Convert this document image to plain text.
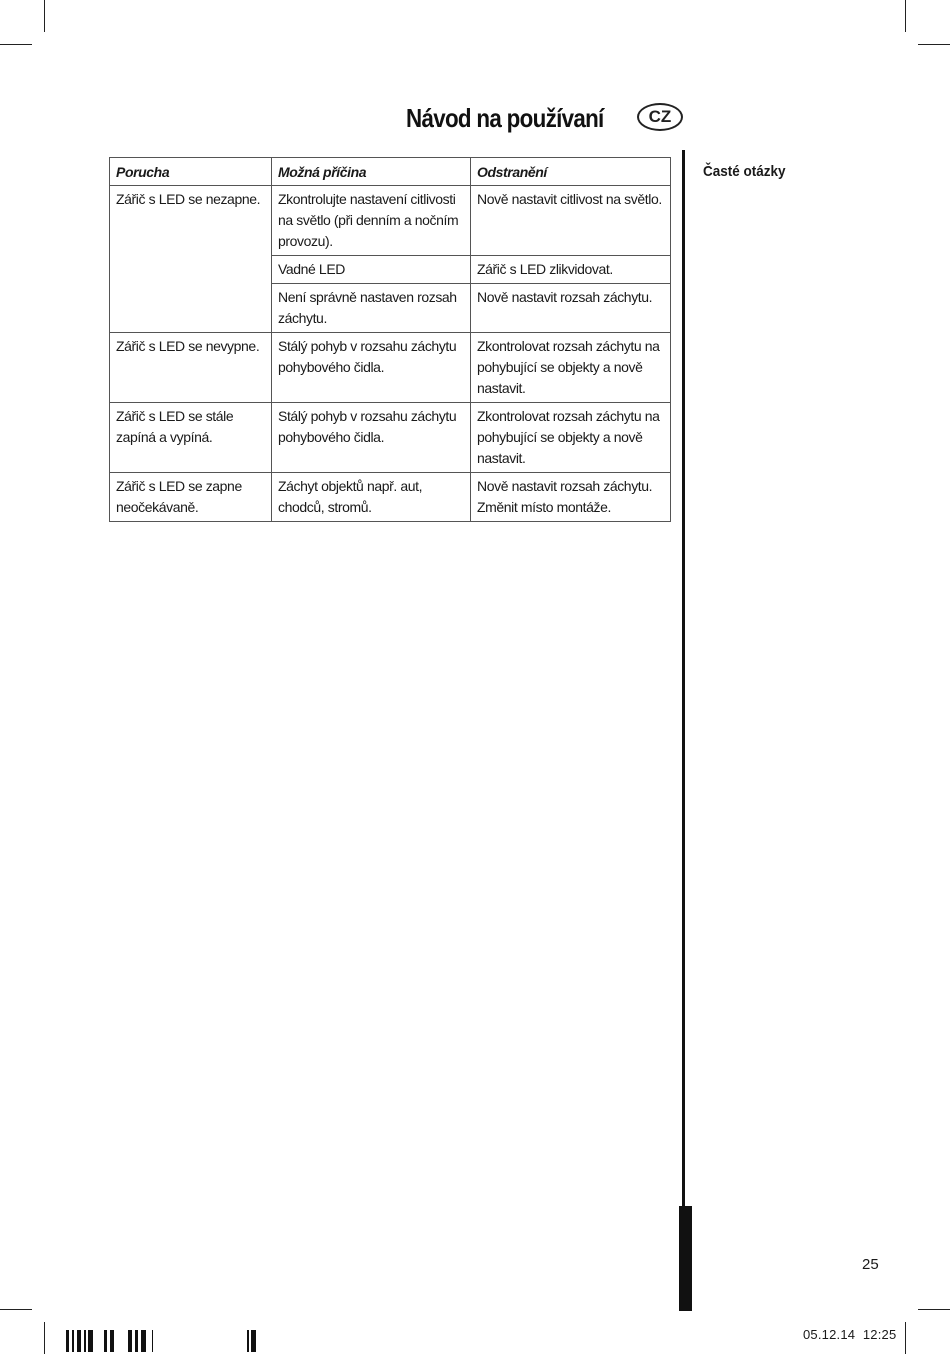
Návod na používaní	CZ
Časté otázky
Porucha	Možná příčina	Odstranění
Zářič s LED se nezapne.	Zkontrolujte nastavení citlivosti na světlo (při denním a nočním provozu).	Nově nastavit citlivost na světlo.
	Vadné LED	Zářič s LED zlikvidovat.
	Není správně nastaven rozsah záchytu.	Nově nastavit rozsah záchytu.
Zářič s LED se nevypne.	Stálý pohyb v rozsahu záchytu pohybového čidla.	Zkontrolovat rozsah záchytu na pohybující se objekty a nově nastavit.
Zářič s LED se stále zapíná a vypíná.	Stálý pohyb v rozsahu záchytu pohybového čidla.	Zkontrolovat rozsah záchytu na pohybující se objekty a nově nastavit.
Zářič s LED se zapne neočekávaně.	Záchyt objektů např. aut, chodců, stromů.	Nově nastavit rozsah záchytu. Změnit místo montáže.
25
05.12.14 12:25
